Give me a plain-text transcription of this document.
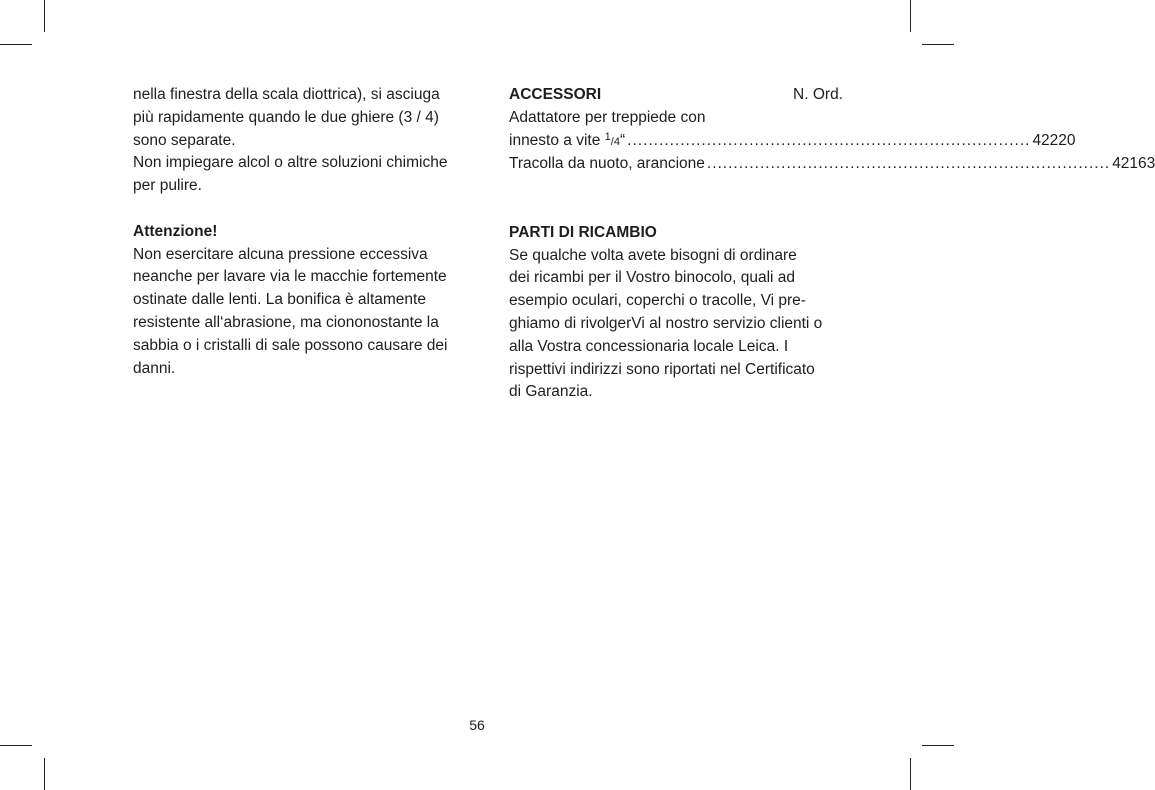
nella finestra della scala diottrica), si asciuga

più rapidamente quando le due ghiere (3 / 4)

sono separate.

Non impiegare alcol o altre soluzioni chimiche

per pulire.

Attenzione!

Non esercitare alcuna pressione eccessiva

neanche per lavare via le macchie fortemente

ostinate dalle lenti. La bonifica è altamente

resistente all‘abrasione, ma ciononostante la

sabbia o i cristalli di sale possono causare dei

danni.

ACCESSORI	N. Ord.

Adattatore per treppiede con

innesto a vite $^1$/4“ ............................................................................ 42220
Tracolla da nuoto, arancione ............................................................................ 42163

PARTI DI RICAMBIO

Se qualche volta avete bisogni di ordinare

dei ricambi per il Vostro binocolo, quali ad

esempio oculari, coperchi o tracolle, Vi pre-

ghiamo di rivolgerVi al nostro servizio clienti o

alla Vostra concessionaria locale Leica. I

rispettivi indirizzi sono riportati nel Certificato

di Garanzia.

56
